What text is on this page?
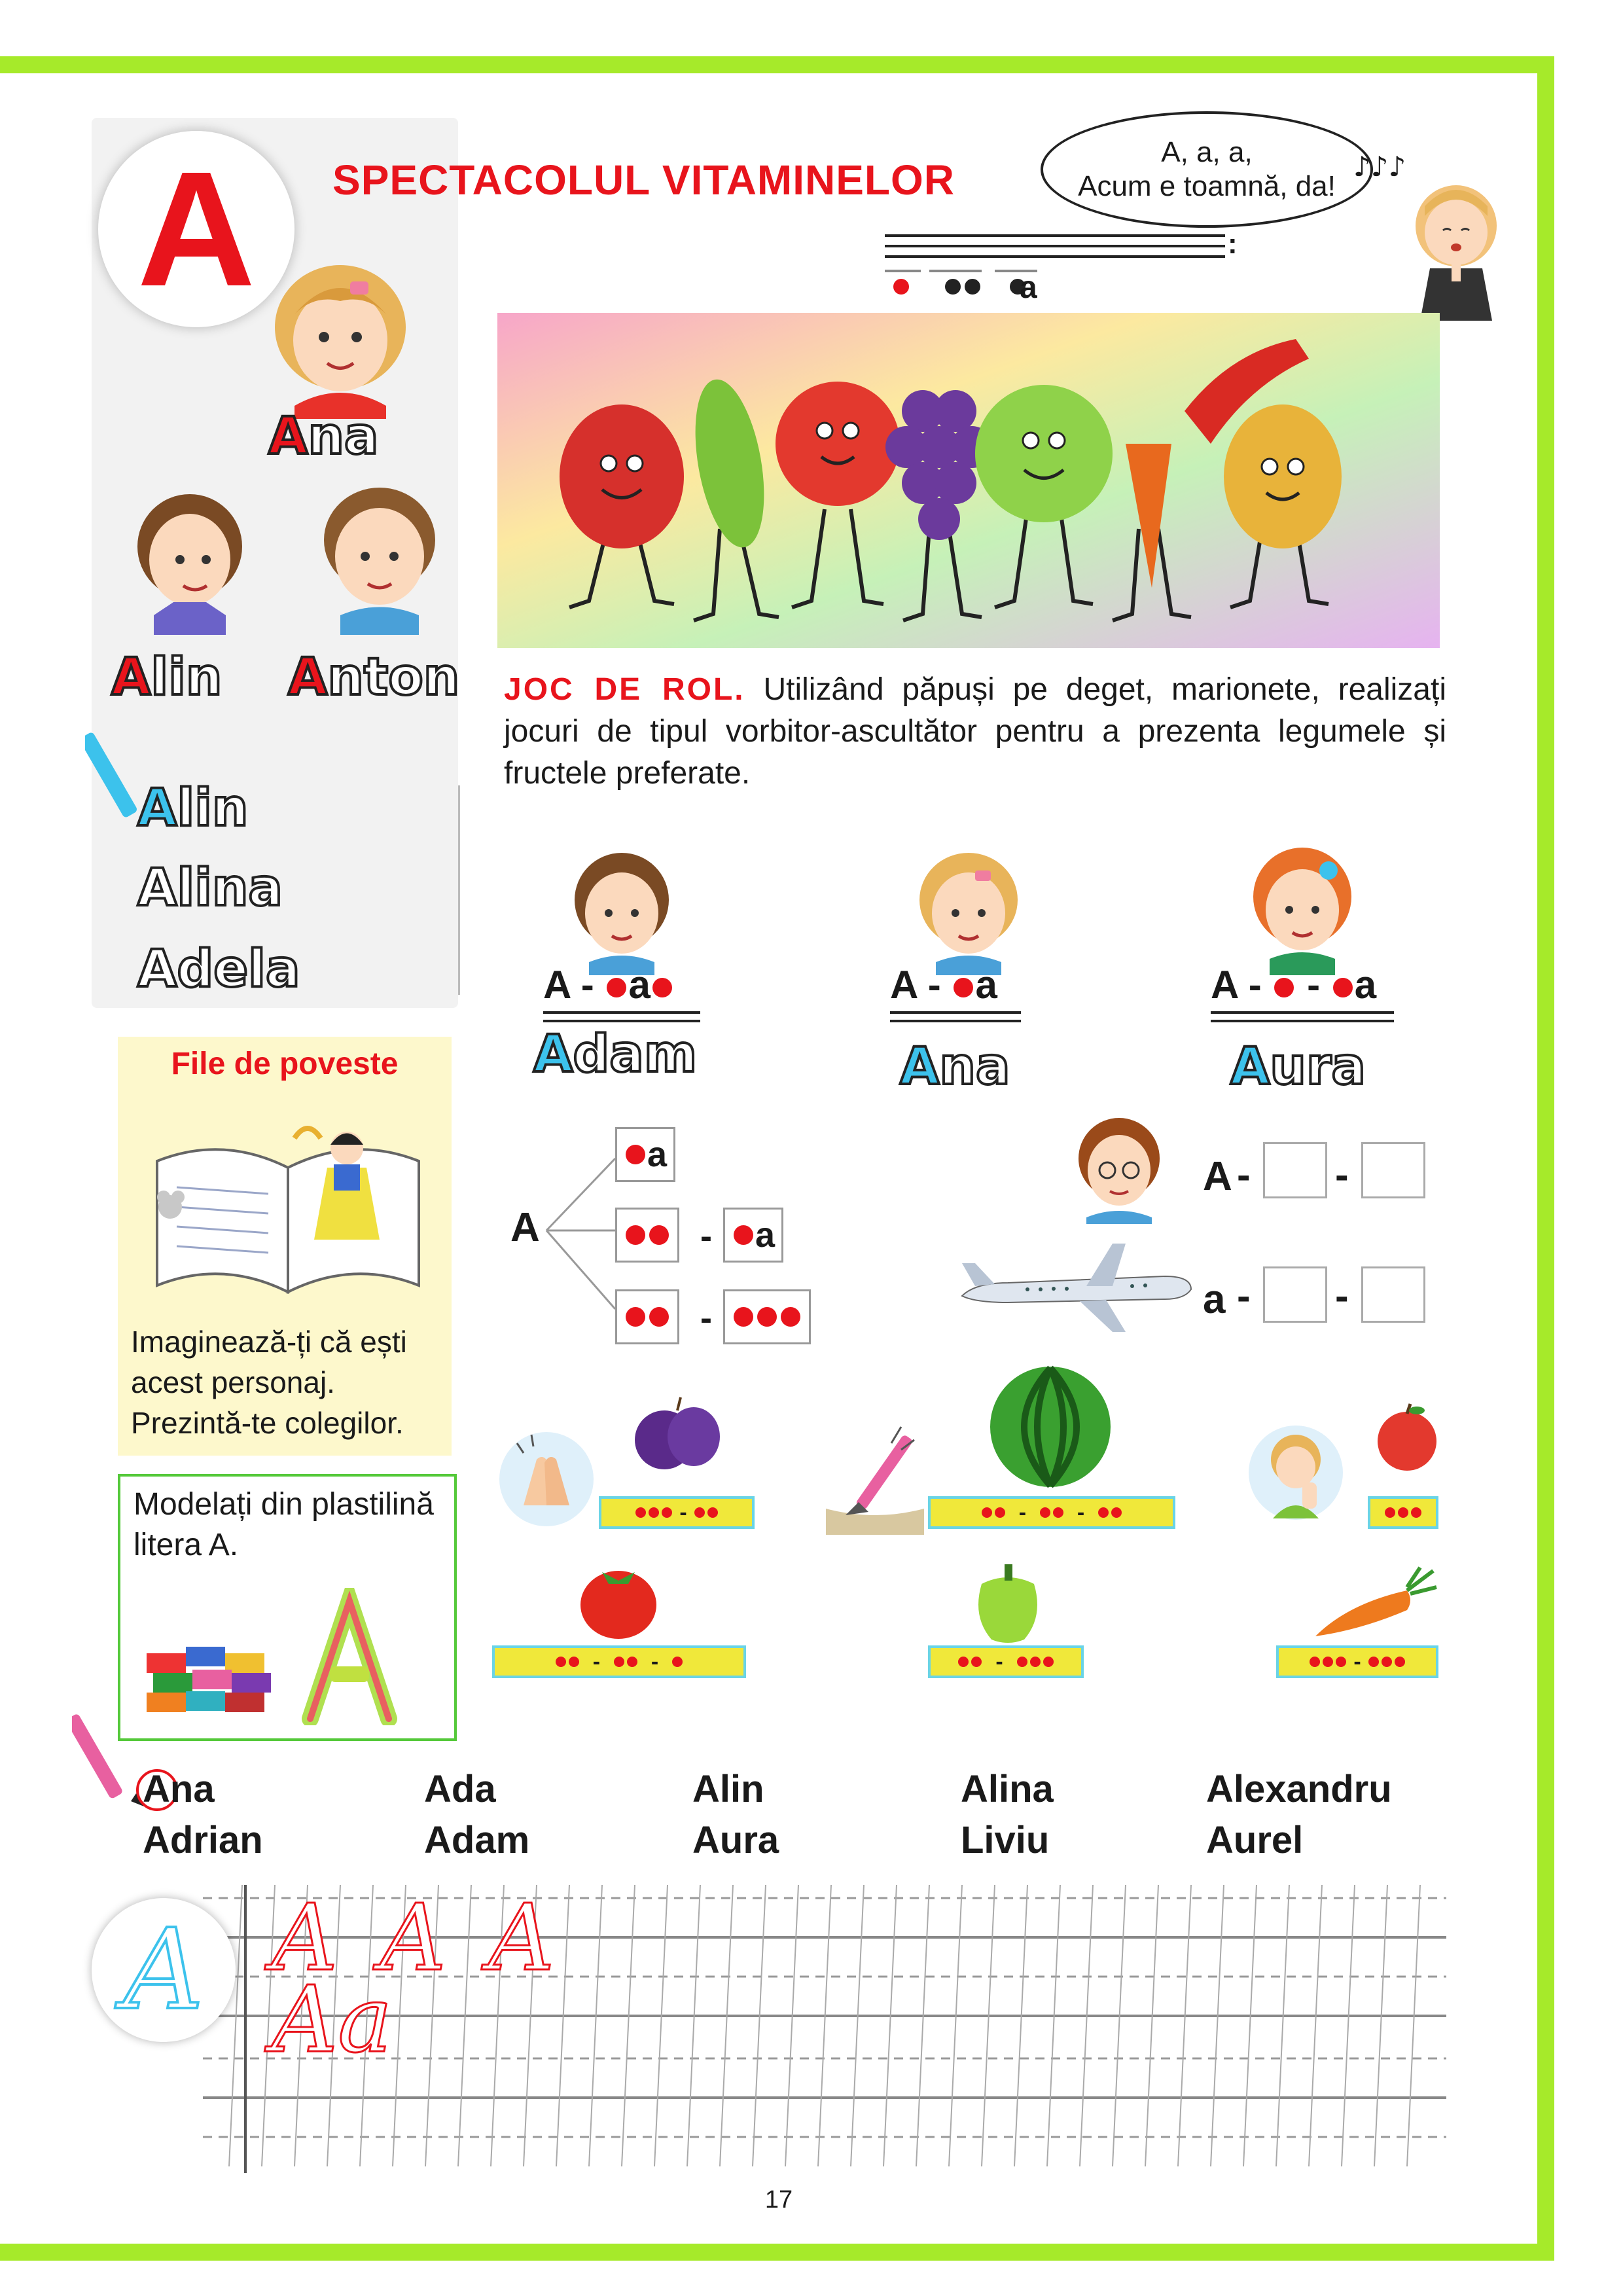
A	SPECTACOLUL VITAMINELOR
A, a, a,
Acum e toamnă, da!
♪♪♪
:

a
Ana
Alin Anton
Alin
Alina
Adela
JOC DE ROL. Utilizând păpuși pe deget, marionete, realizați jocuri de tipul vorbitor-ascultător pentru a prezenta legumele și fructele preferate.
File de poveste
Imaginează-ți că ești acest personaj. Prezintă-te colegilor.
Modelați din plastilină litera A.
A - a
Adam
A - a
Ana
A -  - a
Aura
A
a
- a
-
A - -
a - -
-	-
-
-
-	-	-
Ana	Ada	Alin	Alina	Alexandru
Adrian	Adam	Aura	Liviu	Aurel
A A A A
Aa
17
